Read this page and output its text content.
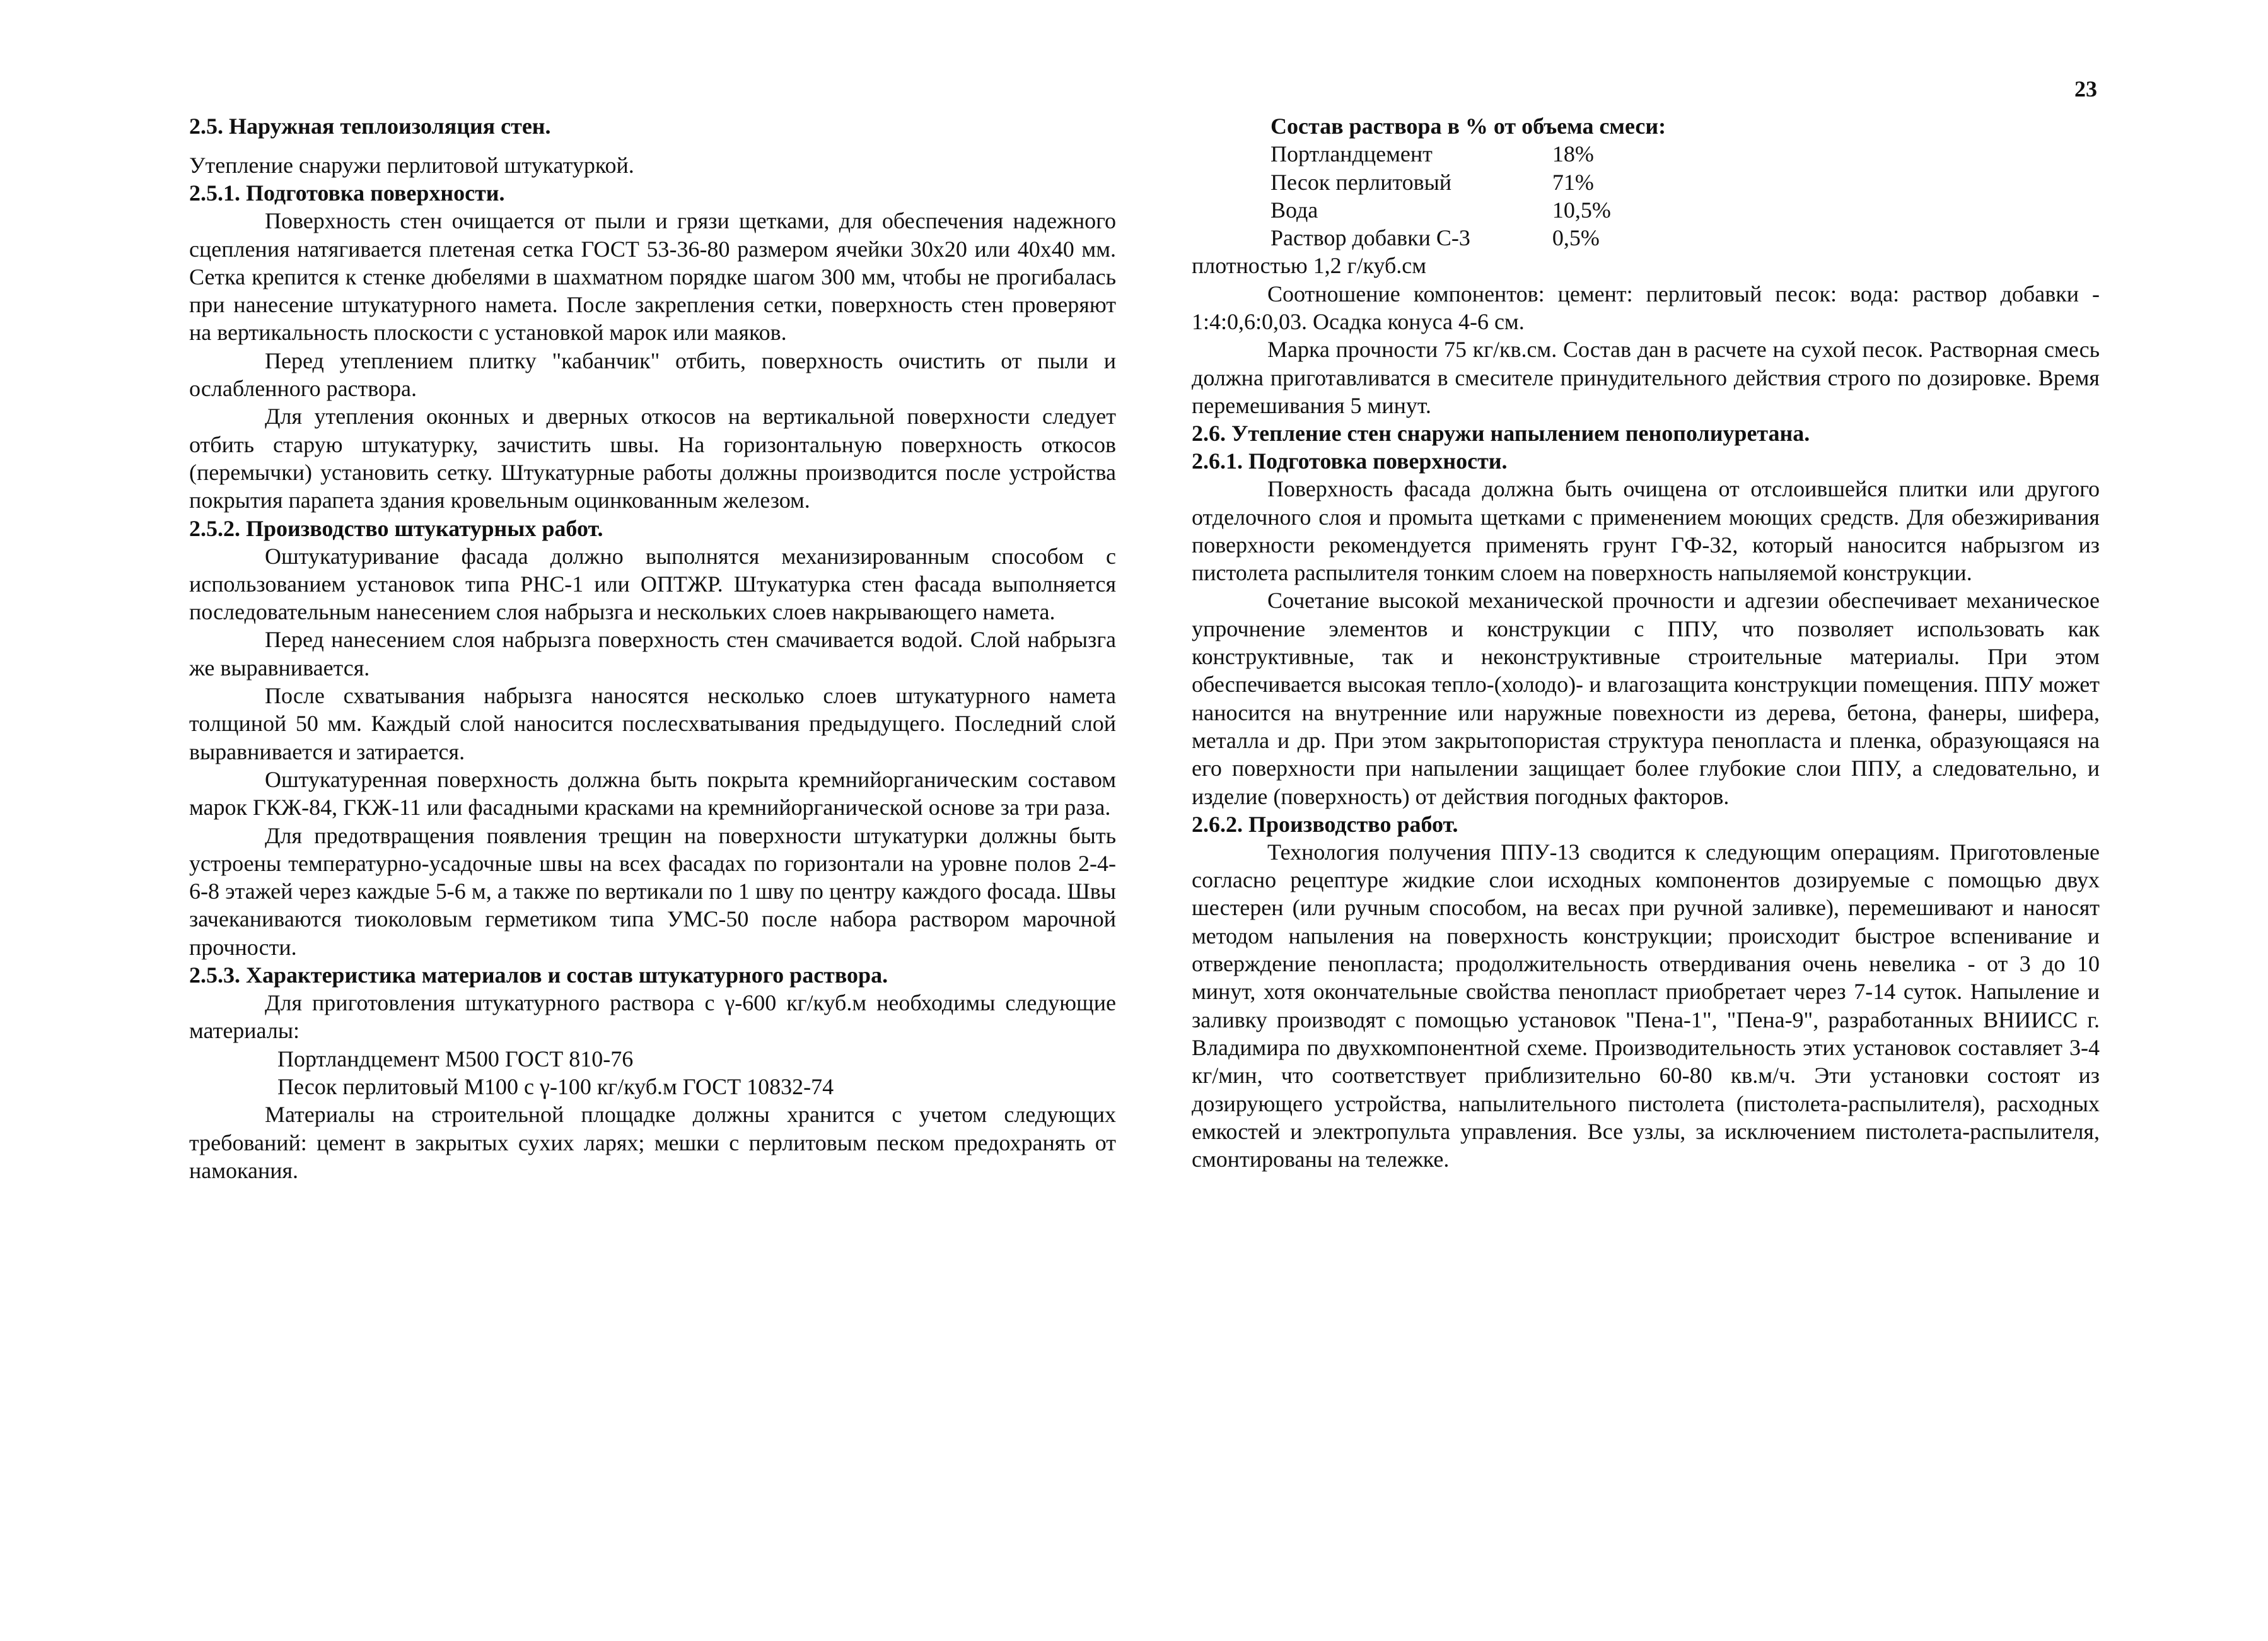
23

2.5. Наружная теплоизоляция стен.

Утепление снаружи перлитовой штукатуркой.

2.5.1. Подготовка поверхности.

Поверхность стен очищается от пыли и грязи щетками, для обеспечения надежного сцепления натягивается плетеная сетка ГОСТ 53-36-80 размером ячейки 30х20 или 40х40 мм. Сетка крепится к стенке дюбелями в шахматном порядке шагом 300 мм, чтобы не прогибалась при нанесение штукатурного намета. После закрепления сетки, поверхность стен проверяют на вертикальность плоскости с установкой марок или маяков.

Перед утеплением плитку "кабанчик" отбить, поверхность очистить от пыли и ослабленного раствора.

Для утепления оконных и дверных откосов на вертикальной поверхности следует отбить старую штукатурку, зачистить швы. На горизонтальную поверхность откосов (перемычки) установить сетку. Штукатурные работы должны производится после устройства покрытия парапета здания кровельным оцинкованным железом.

2.5.2. Производство штукатурных работ.

Оштукатуривание фасада должно выполнятся механизированным способом с использованием установок типа РНС-1 или ОПТЖР. Штукатурка стен фасада выполняется последовательным нанесением слоя набрызга и нескольких слоев накрывающего намета.

Перед нанесением слоя набрызга поверхность стен смачивается водой. Слой набрызга же выравнивается.

После схватывания набрызга наносятся несколько слоев штукатурного намета толщиной 50 мм. Каждый слой наносится послесхватывания предыдущего. Последний слой выравнивается и затирается.

Оштукатуренная поверхность должна быть покрыта кремнийорганическим составом марок ГКЖ-84, ГКЖ-11 или фасадными красками на кремнийорганической основе за три раза.

Для предотвращения появления трещин на поверхности штукатурки должны быть устроены температурно-усадочные швы на всех фасадах по горизонтали на уровне полов 2-4-6-8 этажей через каждые 5-6 м, а также по вертикали по 1 шву по центру каждого фосада. Швы зачеканиваются тиоколовым герметиком типа УМС-50 после набора раствором марочной прочности.

2.5.3. Характеристика материалов и состав штукатурного раствора.

Для приготовления штукатурного раствора с γ-600 кг/куб.м необходимы следующие материалы:

Портландцемент М500 ГОСТ 810-76
Песок перлитовый М100 с γ-100 кг/куб.м ГОСТ 10832-74

Материалы на строительной площадке должны хранится с учетом следующих требований: цемент в закрытых сухих ларях; мешки с перлитовым песком предохранять от намокания.

Состав раствора в % от объема смеси:

Портландцемент	18%
Песок перлитовый	71%
Вода	10,5%
Раствор добавки С-3	0,5%

плотностью 1,2 г/куб.см

Соотношение компонентов: цемент: перлитовый песок: вода: раствор добавки - 1:4:0,6:0,03. Осадка конуса 4-6 см.

Марка прочности 75 кг/кв.см. Состав дан в расчете на сухой песок. Растворная смесь должна приготавливатся в смесителе принудительного действия строго по дозировке. Время перемешивания 5 минут.

2.6. Утепление стен снаружи напылением пенополиуретана.

2.6.1. Подготовка поверхности.

Поверхность фасада должна быть очищена от отслоившейся плитки или другого отделочного слоя и промыта щетками с применением моющих средств. Для обезжиривания поверхности рекомендуется применять грунт ГФ-32, который наносится набрызгом из пистолета распылителя тонким слоем на поверхность напыляемой конструкции.

Сочетание высокой механической прочности и адгезии обеспечивает механическое упрочнение элементов и конструкции с ППУ, что позволяет использовать как конструктивные, так и неконструктивные строительные материалы. При этом обеспечивается высокая тепло-(холодо)- и влагозащита конструкции помещения. ППУ может наносится на внутренние или наружные повехности из дерева, бетона, фанеры, шифера, металла и др. При этом закрытопористая структура пенопласта и пленка, образующаяся на его поверхности при напылении защищает более глубокие слои ППУ, а следовательно, и изделие (поверхность) от действия погодных факторов.

2.6.2. Производство работ.

Технология получения ППУ-13 сводится к следующим операциям. Приготовленые согласно рецептуре жидкие слои исходных компонентов дозируемые с помощью двух шестерен (или ручным способом, на весах при ручной заливке), перемешивают и наносят методом напыления на поверхность конструкции; происходит быстрое вспенивание и отверждение пенопласта; продолжительность отвердивания очень невелика - от 3 до 10 минут, хотя окончательные свойства пенопласт приобретает через 7-14 суток. Напыление и заливку производят с помощью установок "Пена-1", "Пена-9", разработанных ВНИИСС г. Владимира по двухкомпонентной схеме. Производительность этих установок составляет 3-4 кг/мин, что соответствует приблизительно 60-80 кв.м/ч. Эти установки состоят из дозирующего устройства, напылительного пистолета (пистолета-распылителя), расходных емкостей и электропульта управления. Все узлы, за исключением пистолета-распылителя, смонтированы на тележке.
